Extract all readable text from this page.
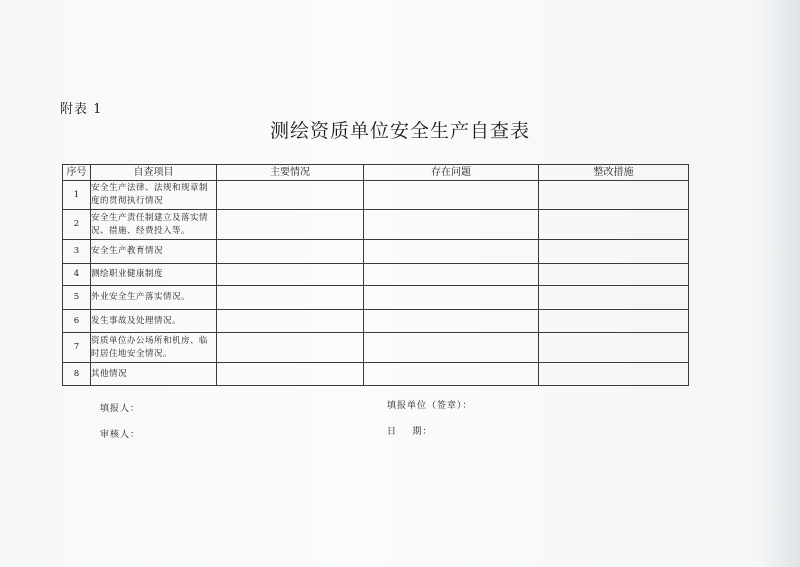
附表 1
测绘资质单位安全生产自查表
序号	自查项目	主要情况	存在问题	整改措施
1	安全生产法律、法规和规章制度的贯彻执行情况			
2	安全生产责任制建立及落实情况、措施、经费投入等。			
3	安全生产教育情况			
4	测绘职业健康制度			
5	外业安全生产落实情况。			
6	发生事故及处理情况。			
7	资质单位办公场所和机房、临时居住地安全情况。			
8	其他情况			
填报人：
审核人：
填报单位（签章）：
日    期：
